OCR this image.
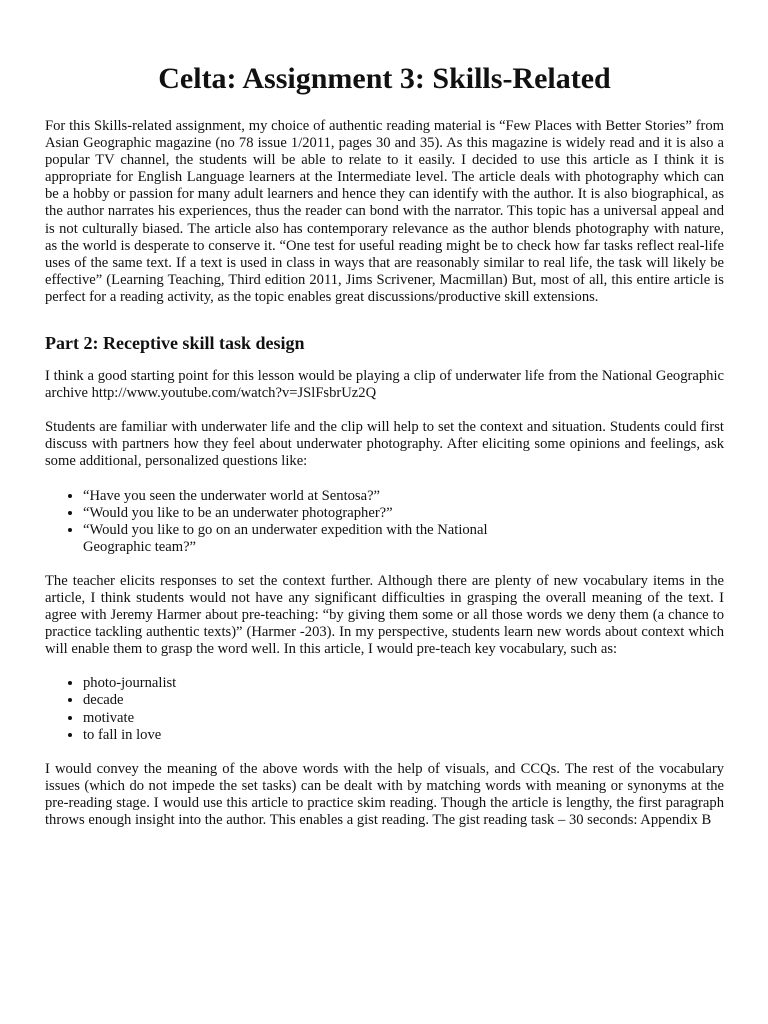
Celta: Assignment 3: Skills-Related

For this Skills-related assignment, my choice of authentic reading material is “Few Places with Better Stories” from Asian Geographic magazine (no 78 issue 1/2011, pages 30 and 35). As this magazine is widely read and it is also a popular TV channel, the students will be able to relate to it easily. I decided to use this article as I think it is appropriate for English Language learners at the Intermediate level. The article deals with photography which can be a hobby or passion for many adult learners and hence they can identify with the author. It is also biographical, as the author narrates his experiences, thus the reader can bond with the narrator. This topic has a universal appeal and is not culturally biased. The article also has contemporary relevance as the author blends photography with nature, as the world is desperate to conserve it. “One test for useful reading might be to check how far tasks reflect real-life uses of the same text. If a text is used in class in ways that are reasonably similar to real life, the task will likely be effective” (Learning Teaching, Third edition 2011, Jims Scrivener, Macmillan) But, most of all, this entire article is perfect for a reading activity, as the topic enables great discussions/productive skill extensions.

Part 2: Receptive skill task design

I think a good starting point for this lesson would be playing a clip of underwater life from the National Geographic archive http://www.youtube.com/watch?v=JSlFsbrUz2Q

Students are familiar with underwater life and the clip will help to set the context and situation. Students could first discuss with partners how they feel about underwater photography. After eliciting some opinions and feelings, ask some additional, personalized questions like:

• “Have you seen the underwater world at Sentosa?”
• “Would you like to be an underwater photographer?”
• “Would you like to go on an underwater expedition with the National Geographic team?”

The teacher elicits responses to set the context further. Although there are plenty of new vocabulary items in the article, I think students would not have any significant difficulties in grasping the overall meaning of the text. I agree with Jeremy Harmer about pre-teaching: “by giving them some or all those words we deny them (a chance to practice tackling authentic texts)” (Harmer -203). In my perspective, students learn new words about context which will enable them to grasp the word well. In this article, I would pre-teach key vocabulary, such as:

• photo-journalist
• decade
• motivate
• to fall in love

I would convey the meaning of the above words with the help of visuals, and CCQs. The rest of the vocabulary issues (which do not impede the set tasks) can be dealt with by matching words with meaning or synonyms at the pre-reading stage. I would use this article to practice skim reading. Though the article is lengthy, the first paragraph throws enough insight into the author. This enables a gist reading. The gist reading task – 30 seconds: Appendix B
